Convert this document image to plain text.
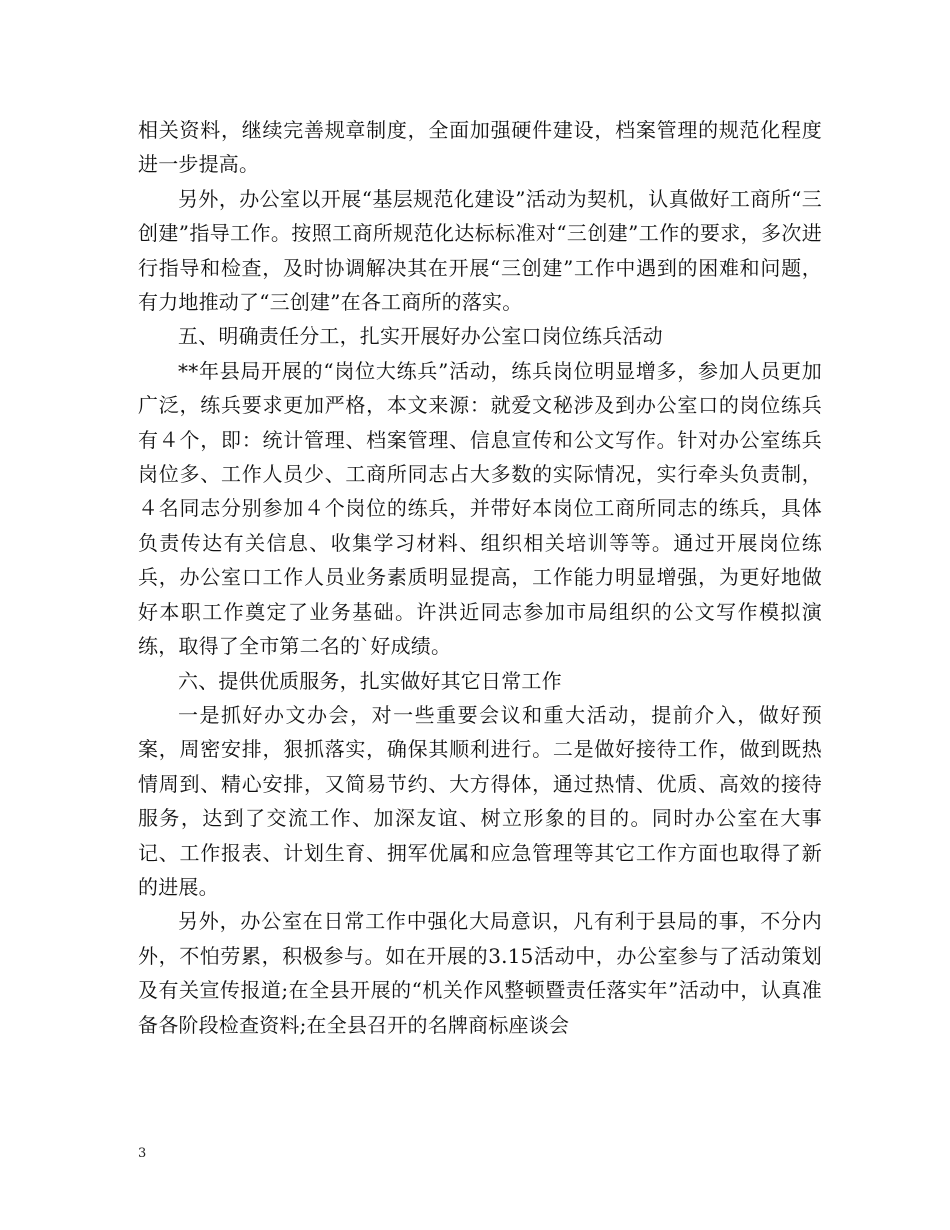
相关资料，继续完善规章制度，全面加强硬件建设，档案管理的规范化程度进一步提高。

另外，办公室以开展“基层规范化建设”活动为契机，认真做好工商所“三创建”指导工作。按照工商所规范化达标标准对“三创建”工作的要求，多次进行指导和检查，及时协调解决其在开展“三创建”工作中遇到的困难和问题，有力地推动了“三创建”在各工商所的落实。

五、明确责任分工，扎实开展好办公室口岗位练兵活动

**年县局开展的“岗位大练兵”活动，练兵岗位明显增多，参加人员更加广泛，练兵要求更加严格，本文来源：就爱文秘涉及到办公室口的岗位练兵有４个，即：统计管理、档案管理、信息宣传和公文写作。针对办公室练兵岗位多、工作人员少、工商所同志占大多数的实际情况，实行牵头负责制，４名同志分别参加４个岗位的练兵，并带好本岗位工商所同志的练兵，具体负责传达有关信息、收集学习材料、组织相关培训等等。通过开展岗位练兵，办公室口工作人员业务素质明显提高，工作能力明显增强，为更好地做好本职工作奠定了业务基础。许洪近同志参加市局组织的公文写作模拟演练，取得了全市第二名的`好成绩。

六、提供优质服务，扎实做好其它日常工作

一是抓好办文办会，对一些重要会议和重大活动，提前介入，做好预案，周密安排，狠抓落实，确保其顺利进行。二是做好接待工作，做到既热情周到、精心安排，又简易节约、大方得体，通过热情、优质、高效的接待服务，达到了交流工作、加深友谊、树立形象的目的。同时办公室在大事记、工作报表、计划生育、拥军优属和应急管理等其它工作方面也取得了新的进展。

另外，办公室在日常工作中强化大局意识，凡有利于县局的事，不分内外，不怕劳累，积极参与。如在开展的3.15活动中，办公室参与了活动策划及有关宣传报道;在全县开展的“机关作风整顿暨责任落实年”活动中，认真准备各阶段检查资料;在全县召开的名牌商标座谈会

3
